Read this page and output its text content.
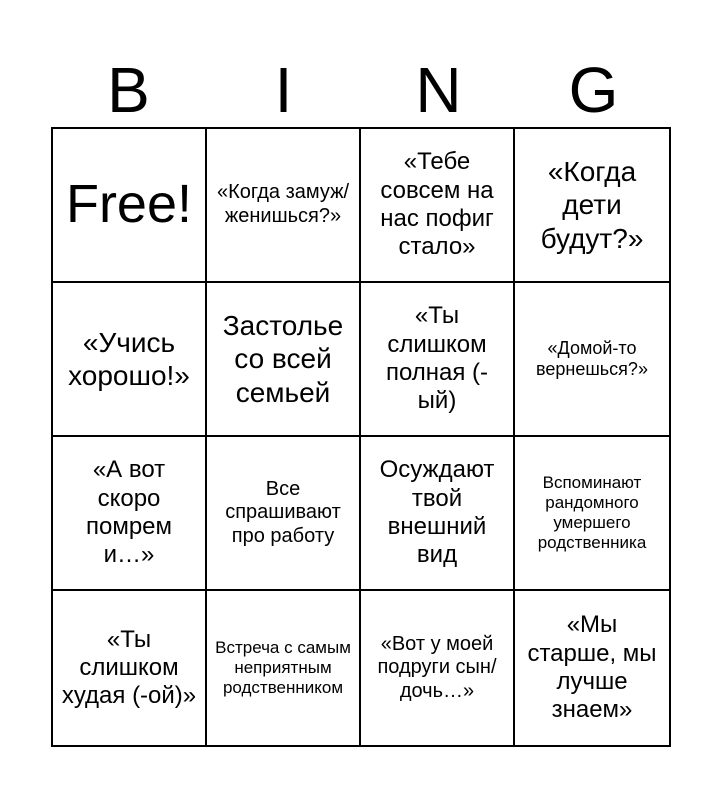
B	I	N	G
Free! «Когда замуж/ женишься?»
«Тебе совсем на нас пофиг стало»
«Когда дети будут?»
«Учись хорошо!»
Застолье со всей семьей
«Ты слишком полная (-ый)
«Домой-то вернешься?»
«А вот скоро помрем и…»
Все спрашивают про работу
Осуждают твой внешний вид
Вспоминают рандомного умершего родственника
«Ты слишком худая (-ой)»
Встреча с самым неприятным родственником
«Вот у моей подруги сын/дочь…»
«Мы старше, мы лучше знаем»
